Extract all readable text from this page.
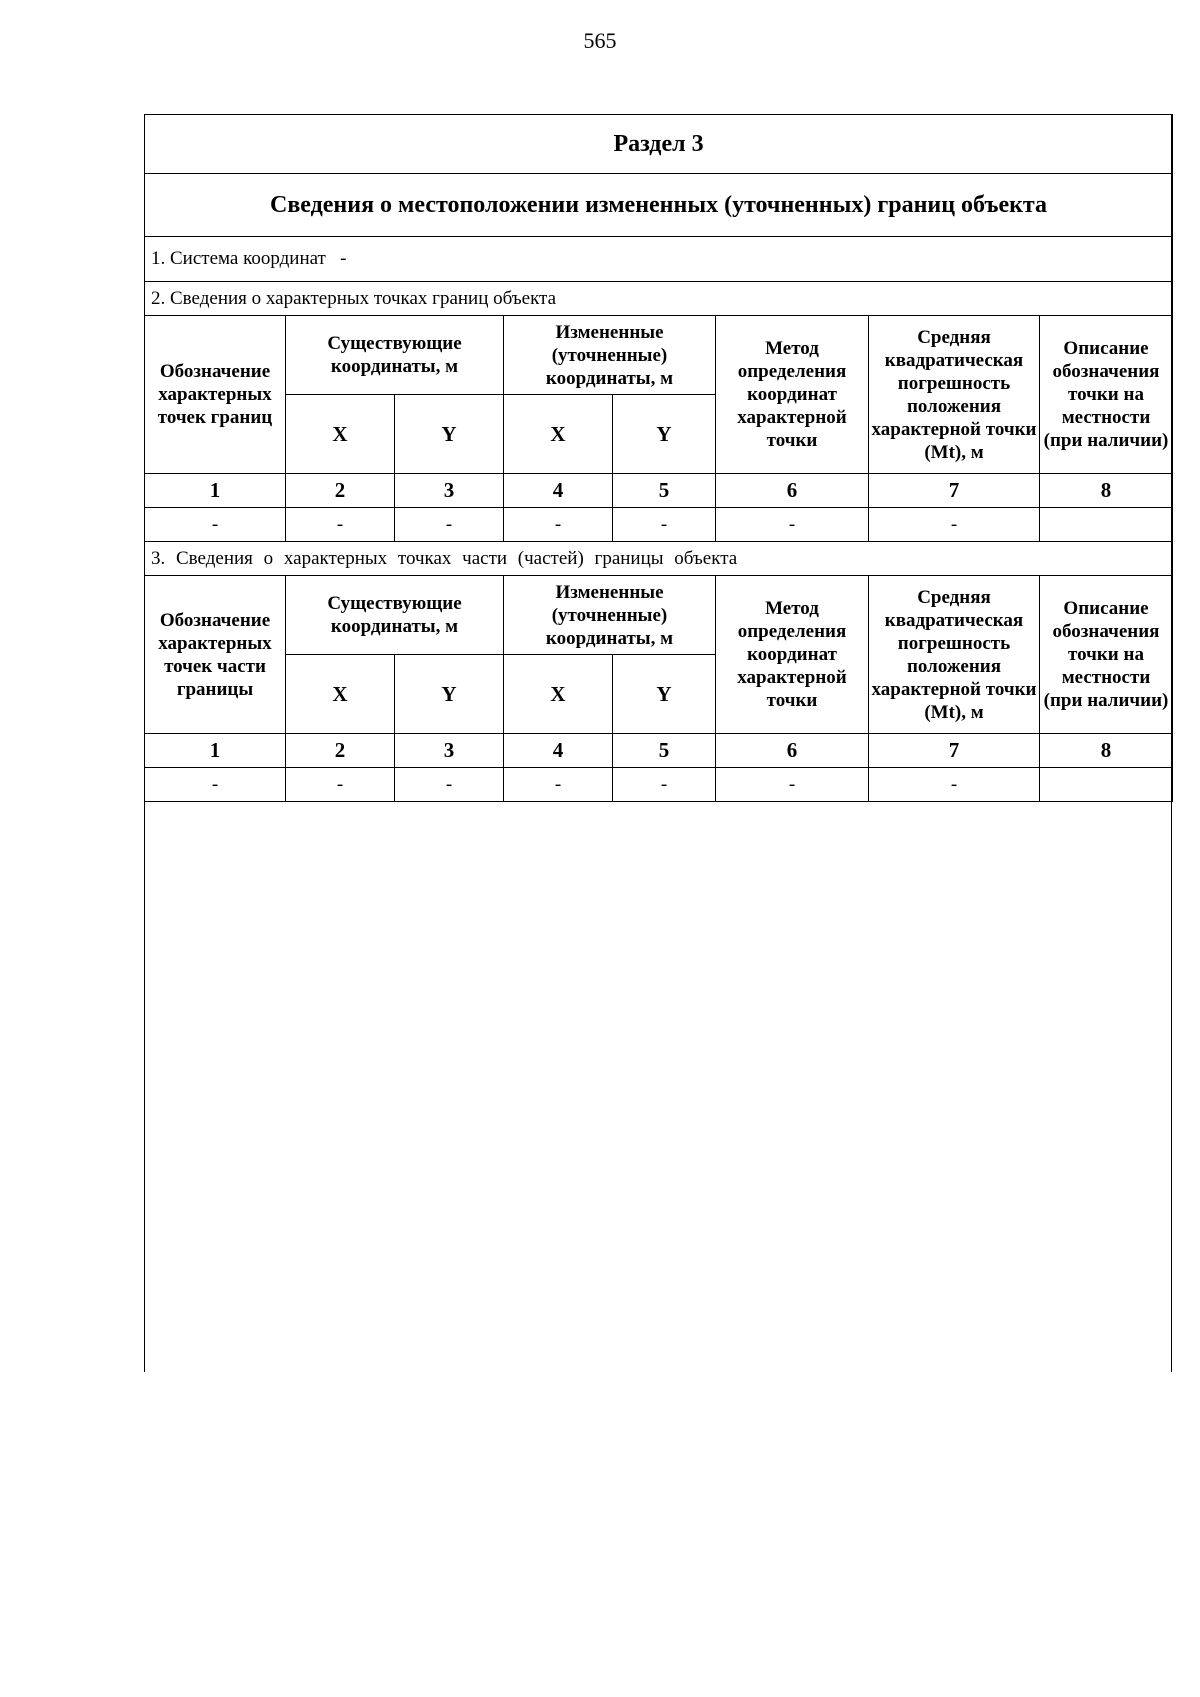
565
Раздел 3							
Сведения о местоположении измененных (уточненных) границ объекта							
1. Система координат   -							
2. Сведения о характерных точках границ объекта							
Обозначение характерных точек границ	Существующие координаты, м		Измененные (уточненные) координаты, м		Метод определения координат характерной точки	Средняя квадратическая погрешность положения характерной точки (Mt), м	Описание обозначения точки на местности (при наличии)
	X	Y	X	Y			
1	2	3	4	5	6	7	8
-	-	-	-	-	-	-	
3. Сведения о характерных точках части (частей) границы объекта							
Обозначение характерных точек части границы	Существующие координаты, м		Измененные (уточненные) координаты, м		Метод определения координат характерной точки	Средняя квадратическая погрешность положения характерной точки (Mt), м	Описание обозначения точки на местности (при наличии)
	X	Y	X	Y			
1	2	3	4	5	6	7	8
-	-	-	-	-	-	-	
